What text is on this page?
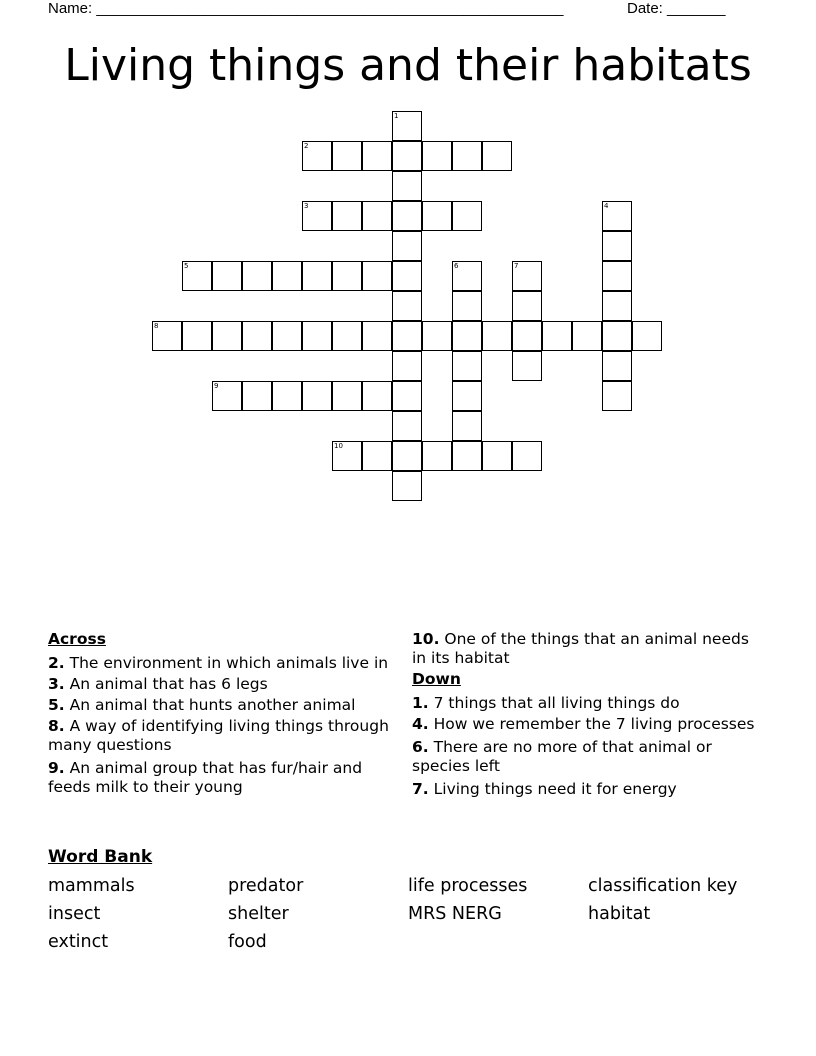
Name: ________________________________________________________	Date: _______
Living things and their habitats
1
2
3	4
5	6	7
8
9
10
Across
2. The environment in which animals live in
3. An animal that has 6 legs
5. An animal that hunts another animal
8. A way of identifying living things through many questions
9. An animal group that has fur/hair and feeds milk to their young
10. One of the things that an animal needs in its habitat
Down
1. 7 things that all living things do
4. How we remember the 7 living processes
6. There are no more of that animal or species left
7. Living things need it for energy
Word Bank
mammals	predator	life processes	classification key
insect	shelter	MRS NERG	habitat
extinct	food
